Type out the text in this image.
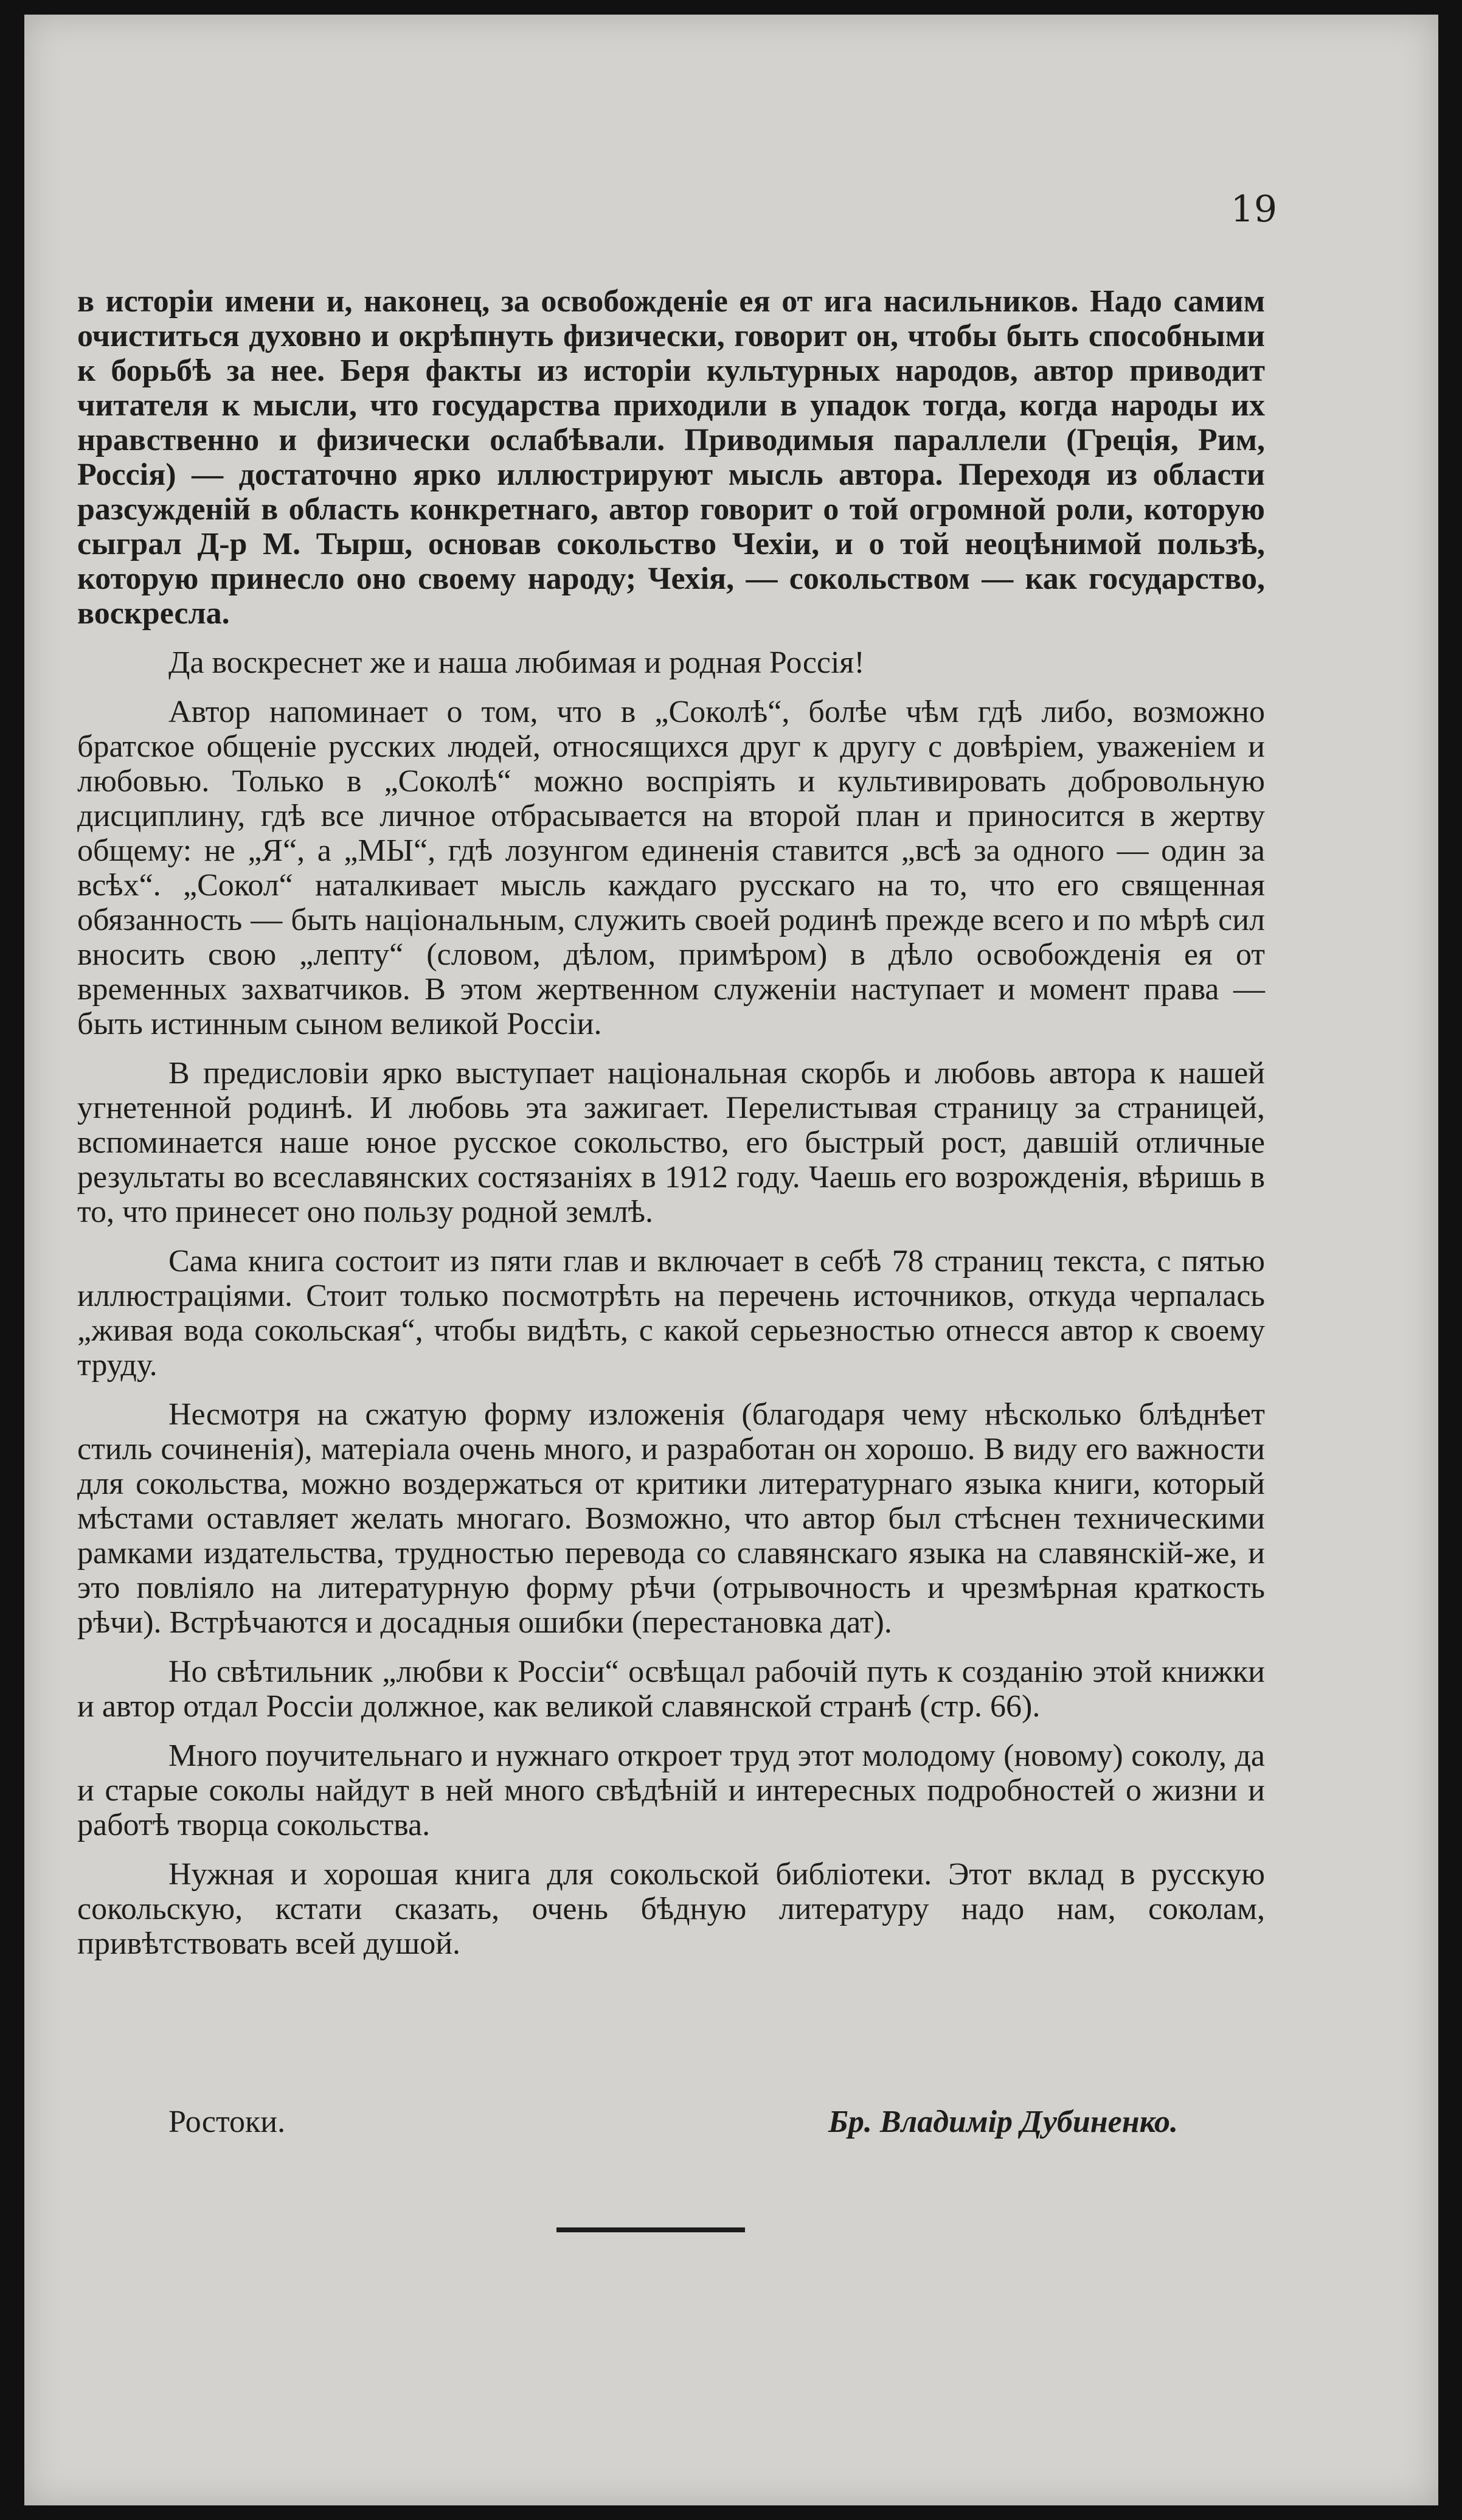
19

в исторіи имени и, наконец, за освобожденіе ея от ига насильников. Надо самим очиститься духовно и окрѣпнуть физически, говорит он, чтобы быть способными к борьбѣ за нее. Беря факты из исторіи культурных народов, автор приводит читателя к мысли, что государства приходили в упадок тогда, когда народы их нравственно и физически ослабѣвали. Приводимыя параллели (Греція, Рим, Россія) — достаточно ярко иллюстрируют мысль автора. Переходя из области разсужденій в область конкретнаго, автор говорит о той огромной роли, которую сыграл Д-р М. Тырш, основав сокольство Чехіи, и о той неоцѣнимой пользѣ, которую принесло оно своему народу; Чехія, — сокольством — как государство, воскресла.

Да воскреснет же и наша любимая и родная Россія!

Автор напоминает о том, что в „Соколѣ“, болѣе чѣм гдѣ либо, возможно братское общеніе русских людей, относящихся друг к другу с довѣріем, уваженіем и любовью. Только в „Соколѣ“ можно воспріять и культивировать добровольную дисциплину, гдѣ все личное отбрасывается на второй план и приносится в жертву общему: не „Я“, а „МЫ“, гдѣ лозунгом единенія ставится „всѣ за одного — один за всѣх“. „Сокол“ наталкивает мысль каждаго русскаго на то, что его священная обязанность — быть національным, служить своей родинѣ прежде всего и по мѣрѣ сил вносить свою „лепту“ (словом, дѣлом, примѣром) в дѣло освобожденія ея от временных захватчиков. В этом жертвенном служеніи наступает и момент права — быть истинным сыном великой Россіи.

В предисловіи ярко выступает національная скорбь и любовь автора к нашей угнетенной родинѣ. И любовь эта зажигает. Перелистывая страницу за страницей, вспоминается наше юное русское сокольство, его быстрый рост, давшій отличные результаты во всеславянских состязаніях в 1912 году. Чаешь его возрожденія, вѣришь в то, что принесет оно пользу родной землѣ.

Сама книга состоит из пяти глав и включает в себѣ 78 страниц текста, с пятью иллюстраціями. Стоит только посмотрѣть на перечень источников, откуда черпалась „живая вода сокольская“, чтобы видѣть, с какой серьезностью отнесся автор к своему труду.

Несмотря на сжатую форму изложенія (благодаря чему нѣсколько блѣднѣет стиль сочиненія), матеріала очень много, и разработан он хорошо. В виду его важности для сокольства, можно воздержаться от критики литературнаго языка книги, который мѣстами оставляет желать многаго. Возможно, что автор был стѣснен техническими рамками издательства, трудностью перевода со славянскаго языка на славянскій-же, и это повліяло на литературную форму рѣчи (отрывочность и чрезмѣрная краткость рѣчи). Встрѣчаются и досадныя ошибки (перестановка дат).

Но свѣтильник „любви к Россіи“ освѣщал рабочій путь к созданію этой книжки и автор отдал Россіи должное, как великой славянской странѣ (стр. 66).

Много поучительнаго и нужнаго откроет труд этот молодому (новому) соколу, да и старые соколы найдут в ней много свѣдѣній и интересных подробностей о жизни и работѣ творца сокольства.

Нужная и хорошая книга для сокольской библіотеки. Этот вклад в русскую сокольскую, кстати сказать, очень бѣдную литературу надо нам, соколам, привѣтствовать всей душой.

Ростоки.	Бр. Владимір Дубиненко.
